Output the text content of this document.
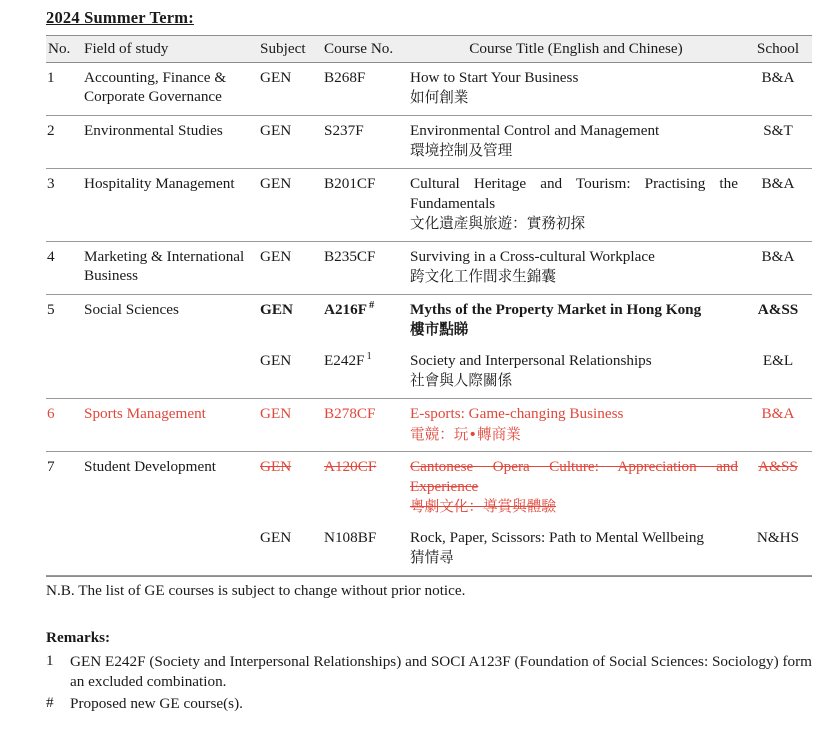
2024 Summer Term:
No.	Field of study	Subject	Course No.	Course Title (English and Chinese)	School
1	Accounting, Finance & Corporate Governance	GEN	B268F	How to Start Your Business
如何創業	B&A
2	Environmental Studies	GEN	S237F	Environmental Control and Management
環境控制及管理	S&T
3	Hospitality Management	GEN	B201CF	Cultural Heritage and Tourism: Practising the Fundamentals
文化遺產與旅遊：實務初探	B&A
4	Marketing & International Business	GEN	B235CF	Surviving in a Cross-cultural Workplace
跨文化工作間求生錦囊	B&A
5	Social Sciences	GEN	A216F #	Myths of the Property Market in Hong Kong
樓市點睇	A&SS
		GEN	E242F $^1$	Society and Interpersonal Relationships
社會與人際關係	E&L
6	Sports Management	GEN	B278CF	E-sports: Game-changing Business
電競：玩•轉商業	B&A
7	Student Development	GEN	A120CF	Cantonese Opera Culture: Appreciation and Experience
粵劇文化：導賞與體驗	A&SS
		GEN	N108BF	Rock, Paper, Scissors: Path to Mental Wellbeing
猜情尋	N&HS
N.B. The list of GE courses is subject to change without prior notice.
Remarks:
1	GEN E242F (Society and Interpersonal Relationships) and SOCI A123F (Foundation of Social Sciences: Sociology) form an excluded combination.
#	Proposed new GE course(s).
